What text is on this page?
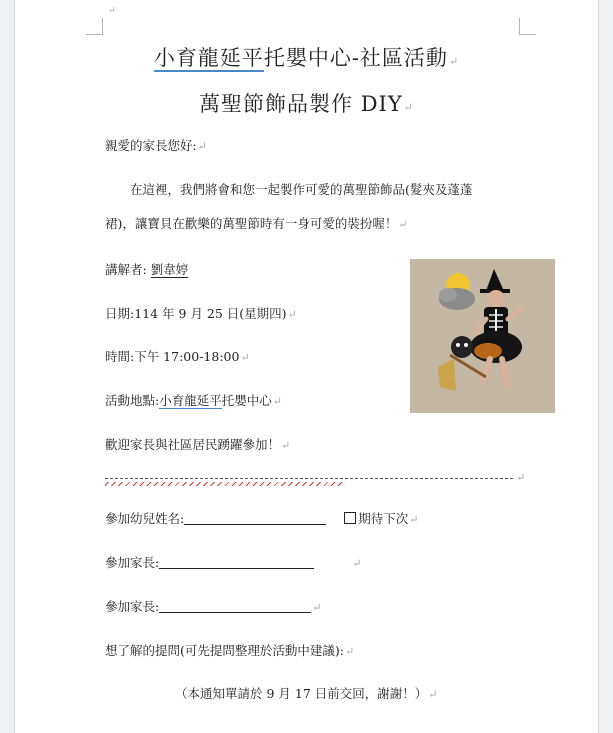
↵
小育龍延平托嬰中心-社區活動↵
萬聖節飾品製作 DIY↵
親愛的家長您好:↵
在這裡，我們將會和您一起製作可愛的萬聖節飾品(髮夾及蓬蓬
裙)，讓寶貝在歡樂的萬聖節時有一身可愛的裝扮喔！↵
講解者: 劉韋婷
日期:114 年 9 月 25 日(星期四)↵
時間:下午 17:00-18:00↵
活動地點:小育龍延平托嬰中心↵
歡迎家長與社區居民踴躍參加！↵
↵
參加幼兒姓名:	期待下次↵
參加家長:	↵
參加家長:	↵
想了解的提問(可先提問整理於活動中建議):↵
（本通知單請於 9 月 17 日前交回，謝謝！）↵
